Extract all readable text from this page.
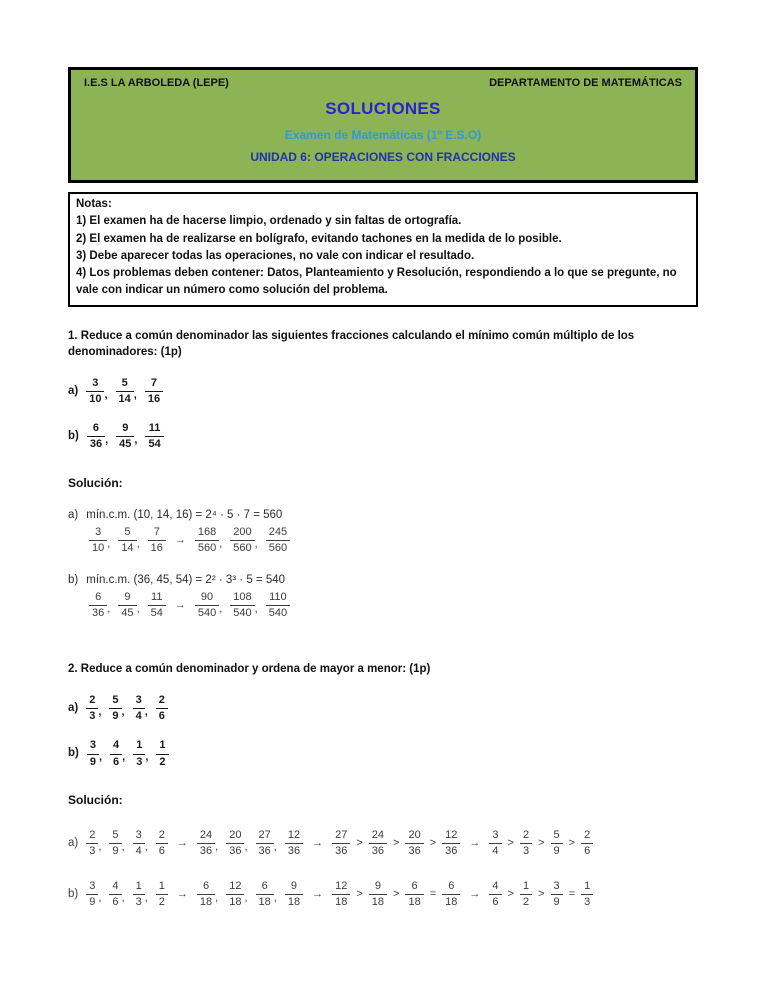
I.E.S LA ARBOLEDA (LEPE)	DEPARTAMENTO DE MATEMÁTICAS
SOLUCIONES
Examen de Matemáticas (1º E.S.O)
UNIDAD 6: OPERACIONES CON FRACCIONES
Notas:
1) El examen ha de hacerse limpio, ordenado y sin faltas de ortografía.
2) El examen ha de realizarse en bolígrafo, evitando tachones en la medida de lo posible.
3) Debe aparecer todas las operaciones, no vale con indicar el resultado.
4) Los problemas deben contener: Datos, Planteamiento y Resolución, respondiendo a lo que se pregunte, no vale con indicar un número como solución del problema.

1. Reduce a común denominador las siguientes fracciones calculando el mínimo común múltiplo de los denominadores: (1p)

$a) \frac{3}{10}$ , $\frac{5}{14}$ , $\frac{7}{16}$
$b) \frac{6}{36}$ , $\frac{9}{45}$ , $\frac{11}{54}$

Solución:

a) mín.c.m. (10, 14, 16) = 2⁴ · 5 · 7 = 560
$\frac{3}{10}$ , $\frac{5}{14}$ , $\frac{7}{16} \to \frac{168}{560}$ , $\frac{200}{560}$ , $\frac{245}{560}$
b) mín.c.m. (36, 45, 54) = 2² · 3³ · 5 = 540
$\frac{6}{36}$ , $\frac{9}{45}$ , $\frac{11}{54} \to \frac{90}{540}$ , $\frac{108}{540}$ , $\frac{110}{540}$

2. Reduce a común denominador y ordena de mayor a menor: (1p)

$a) \frac{2}{3}$ , $\frac{5}{9}$ , $\frac{3}{4}$ , $\frac{2}{6}$
$b) \frac{3}{9}$ , $\frac{4}{6}$ , $\frac{1}{3}$ , $\frac{1}{2}$

Solución:

$a) \frac{2}{3}$ , $\frac{5}{9}$ , $\frac{3}{4}$ , $\frac{2}{6} \to \frac{24}{36}$ , $\frac{20}{36}$ , $\frac{27}{36}$ , $\frac{12}{36} \to \frac{27}{36} > \frac{24}{36} > \frac{20}{36} > \frac{12}{36} \to \frac{3}{4} > \frac{2}{3} > \frac{5}{9} > \frac{2}{6}$
$b) \frac{3}{9}$ , $\frac{4}{6}$ , $\frac{1}{3}$ , $\frac{1}{2} \to \frac{6}{18}$ , $\frac{12}{18}$ , $\frac{6}{18}$ , $\frac{9}{18} \to \frac{12}{18} > \frac{9}{18} > \frac{6}{18} = \frac{6}{18} \to \frac{4}{6} > \frac{1}{2} > \frac{3}{9} = \frac{1}{3}$
